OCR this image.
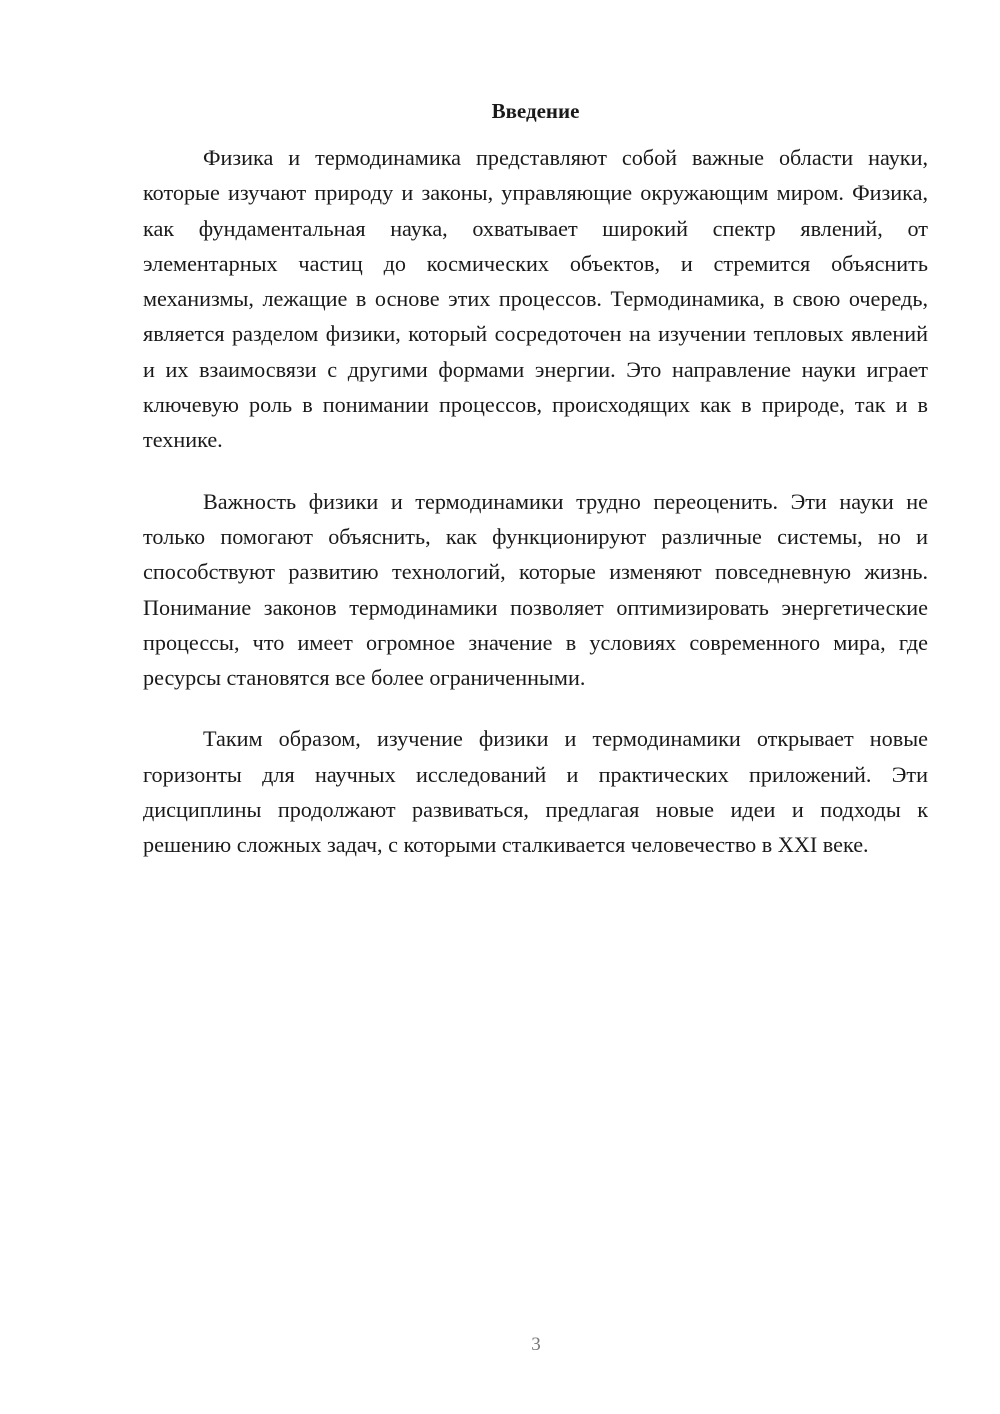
Введение

Физика и термодинамика представляют собой важные области науки, которые изучают природу и законы, управляющие окружающим миром. Физика, как фундаментальная наука, охватывает широкий спектр явлений, от элементарных частиц до космических объектов, и стремится объяснить механизмы, лежащие в основе этих процессов. Термодинамика, в свою очередь, является разделом физики, который сосредоточен на изучении тепловых явлений и их взаимосвязи с другими формами энергии. Это направление науки играет ключевую роль в понимании процессов, происходящих как в природе, так и в технике.

Важность физики и термодинамики трудно переоценить. Эти науки не только помогают объяснить, как функционируют различные системы, но и способствуют развитию технологий, которые изменяют повседневную жизнь. Понимание законов термодинамики позволяет оптимизировать энергетические процессы, что имеет огромное значение в условиях современного мира, где ресурсы становятся все более ограниченными.

Таким образом, изучение физики и термодинамики открывает новые горизонты для научных исследований и практических приложений. Эти дисциплины продолжают развиваться, предлагая новые идеи и подходы к решению сложных задач, с которыми сталкивается человечество в XXI веке.

3
